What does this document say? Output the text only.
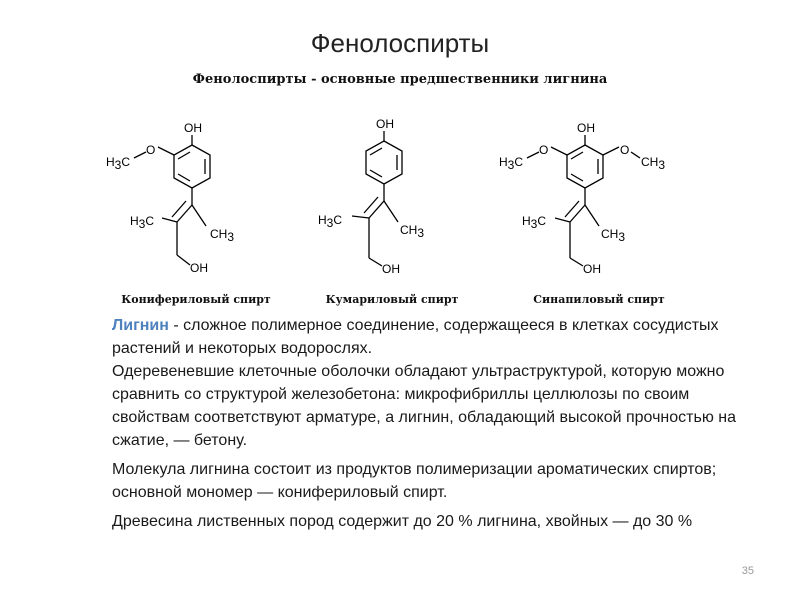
Фенолоспирты
Фенолоспирты - основные предшественники лигнина
OH
O
H3C
CH3
H3C
OH
OH
CH3
H3C
OH
OH
O
H3C
O
CH3
CH3
H3C
OH
Конифериловый спирт	Кумариловый спирт	Синапиловый спирт

Лигнин - сложное полимерное соединение, содержащееся в клетках сосудистых растений и некоторых водорослях.
Одеревеневшие клеточные оболочки обладают ультраструктурой, которую можно сравнить со структурой железобетона: микрофибриллы целлюлозы по своим свойствам соответствуют арматуре, а лигнин, обладающий высокой прочностью на сжатие, — бетону.

Молекула лигнина состоит из продуктов полимеризации ароматических спиртов; основной мономер — конифериловый спирт.

Древесина лиственных пород содержит до 20 % лигнина, хвойных — до 30 %

35
